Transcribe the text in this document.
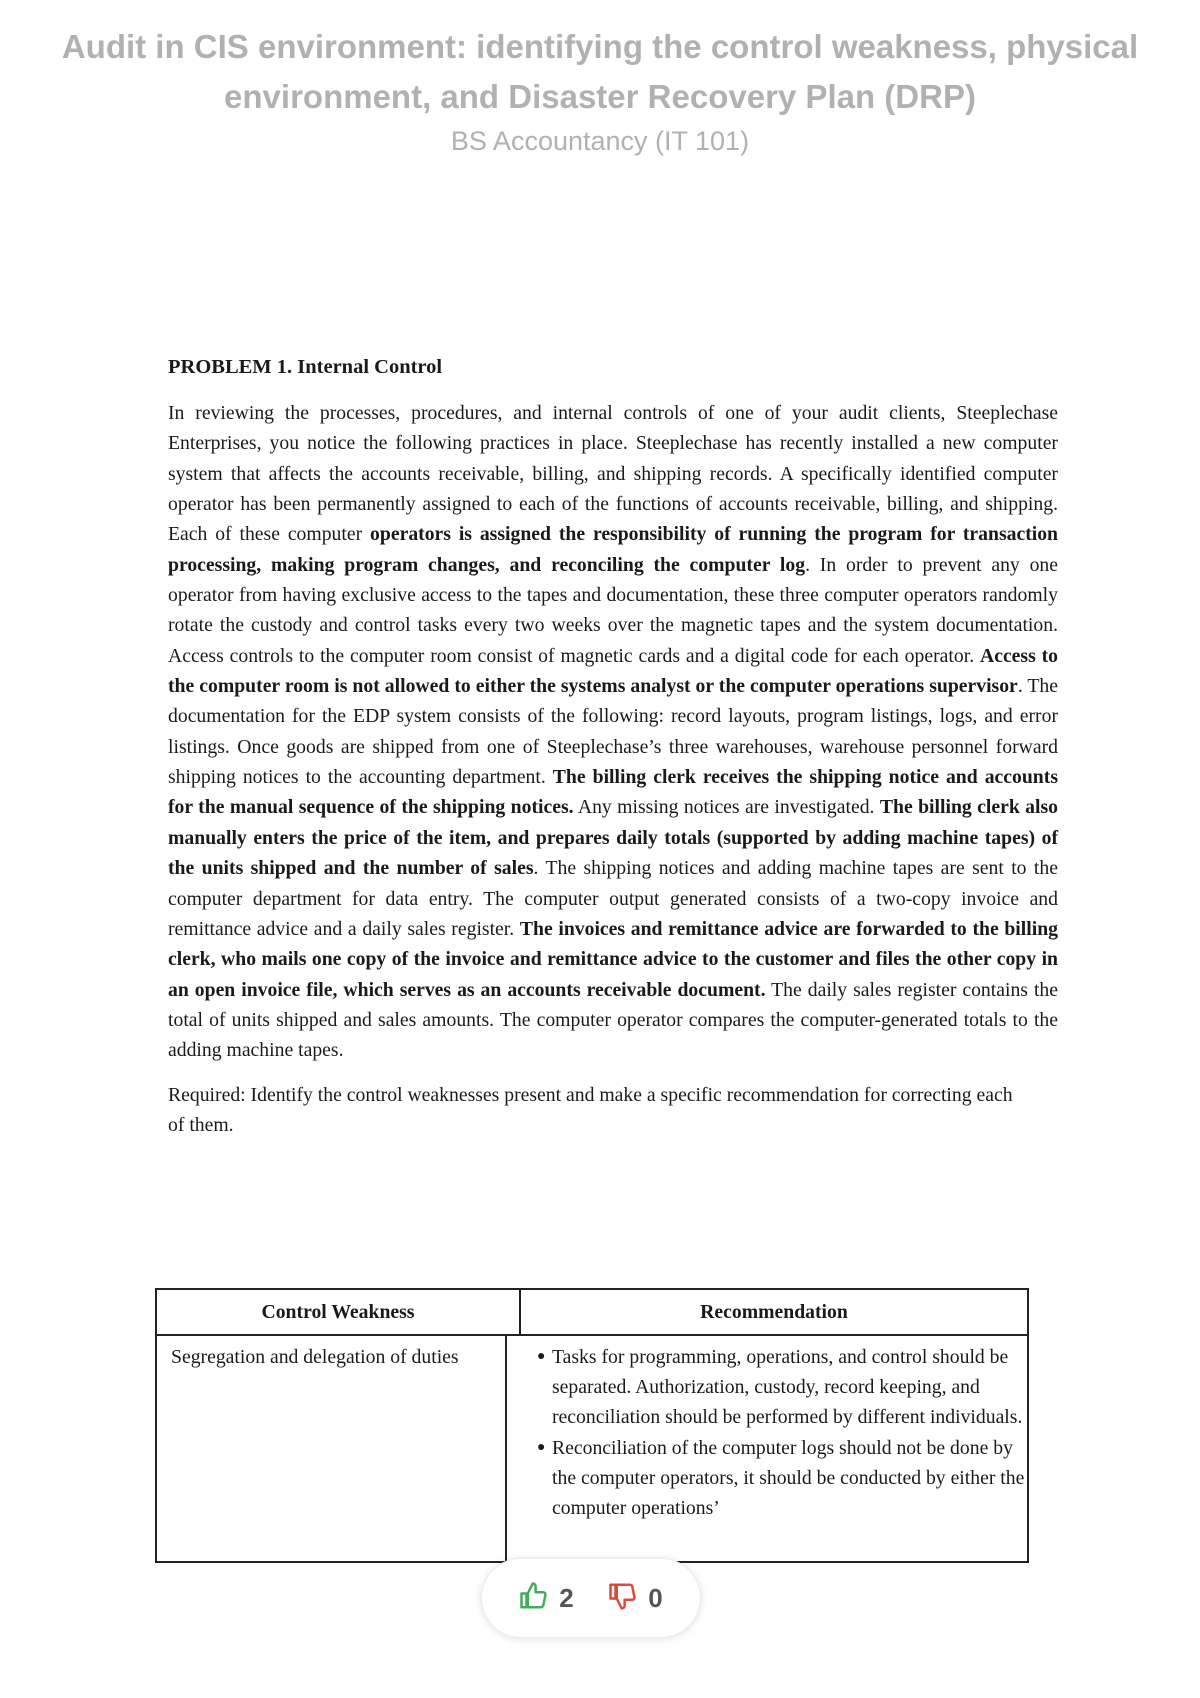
Audit in CIS environment: identifying the control weakness, physical
environment, and Disaster Recovery Plan (DRP)

BS Accountancy (IT 101)

PROBLEM 1. Internal Control

In reviewing the processes, procedures, and internal controls of one of your audit clients, Steeplechase Enterprises, you notice the following practices in place. Steeplechase has recently installed a new computer system that affects the accounts receivable, billing, and shipping records. A specifically identified computer operator has been permanently assigned to each of the functions of accounts receivable, billing, and shipping. Each of these computer operators is assigned the responsibility of running the program for transaction processing, making program changes, and reconciling the computer log. In order to prevent any one operator from having exclusive access to the tapes and documentation, these three computer operators randomly rotate the custody and control tasks every two weeks over the magnetic tapes and the system documentation. Access controls to the computer room consist of magnetic cards and a digital code for each operator. Access to the computer room is not allowed to either the systems analyst or the computer operations supervisor. The documentation for the EDP system consists of the following: record layouts, program listings, logs, and error listings. Once goods are shipped from one of Steeplechase’s three warehouses, warehouse personnel forward shipping notices to the accounting department. The billing clerk receives the shipping notice and accounts for the manual sequence of the shipping notices. Any missing notices are investigated. The billing clerk also manually enters the price of the item, and prepares daily totals (supported by adding machine tapes) of the units shipped and the number of sales. The shipping notices and adding machine tapes are sent to the computer department for data entry. The computer output generated consists of a two-copy invoice and remittance advice and a daily sales register. The invoices and remittance advice are forwarded to the billing clerk, who mails one copy of the invoice and remittance advice to the customer and files the other copy in an open invoice file, which serves as an accounts receivable document. The daily sales register contains the total of units shipped and sales amounts. The computer operator compares the computer-generated totals to the adding machine tapes.

Required: Identify the control weaknesses present and make a specific recommendation for correcting each of them.

Control Weakness	Recommendation
Segregation and delegation of duties	● Tasks for programming, operations, and control should be separated. Authorization, custody, record keeping, and reconciliation should be performed by different individuals.
● Reconciliation of the computer logs should not be done by the computer operators, it should be conducted by either the computer operations’
2	0
